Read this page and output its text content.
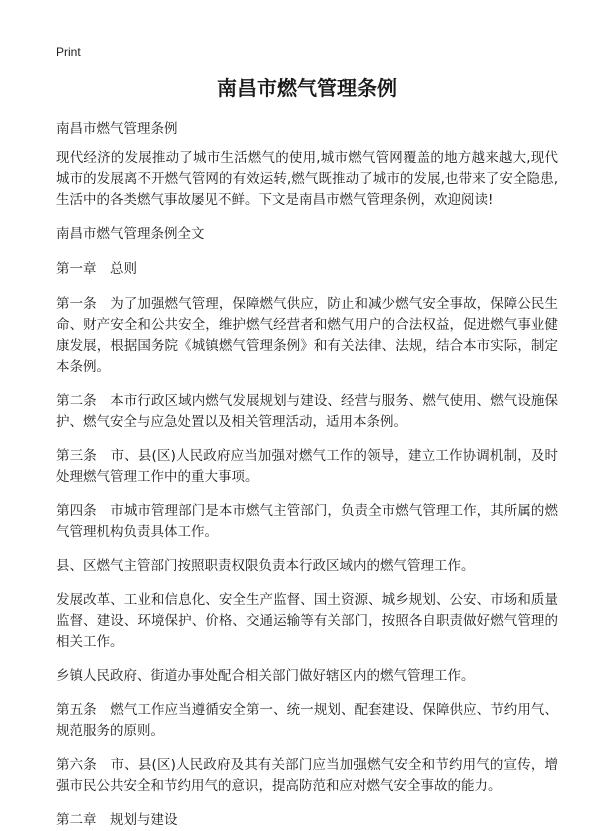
Print
南昌市燃气管理条例
南昌市燃气管理条例

现代经济的发展推动了城市生活燃气的使用,城市燃气管网覆盖的地方越来越大,现代城市的发展离不开燃气管网的有效运转,燃气既推动了城市的发展,也带来了安全隐患,生活中的各类燃气事故屡见不鲜。下文是南昌市燃气管理条例，欢迎阅读!

南昌市燃气管理条例全文
第一章　总则

第一条　为了加强燃气管理，保障燃气供应，防止和减少燃气安全事故，保障公民生命、财产安全和公共安全，维护燃气经营者和燃气用户的合法权益，促进燃气事业健康发展，根据国务院《城镇燃气管理条例》和有关法律、法规，结合本市实际，制定本条例。

第二条　本市行政区域内燃气发展规划与建设、经营与服务、燃气使用、燃气设施保护、燃气安全与应急处置以及相关管理活动，适用本条例。

第三条　市、县(区)人民政府应当加强对燃气工作的领导，建立工作协调机制，及时处理燃气管理工作中的重大事项。

第四条　市城市管理部门是本市燃气主管部门，负责全市燃气管理工作，其所属的燃气管理机构负责具体工作。

县、区燃气主管部门按照职责权限负责本行政区域内的燃气管理工作。

发展改革、工业和信息化、安全生产监督、国土资源、城乡规划、公安、市场和质量监督、建设、环境保护、价格、交通运输等有关部门，按照各自职责做好燃气管理的相关工作。

乡镇人民政府、街道办事处配合相关部门做好辖区内的燃气管理工作。

第五条　燃气工作应当遵循安全第一、统一规划、配套建设、保障供应、节约用气、规范服务的原则。

第六条　市、县(区)人民政府及其有关部门应当加强燃气安全和节约用气的宣传，增强市民公共安全和节约用气的意识，提高防范和应对燃气安全事故的能力。

第二章　规划与建设
